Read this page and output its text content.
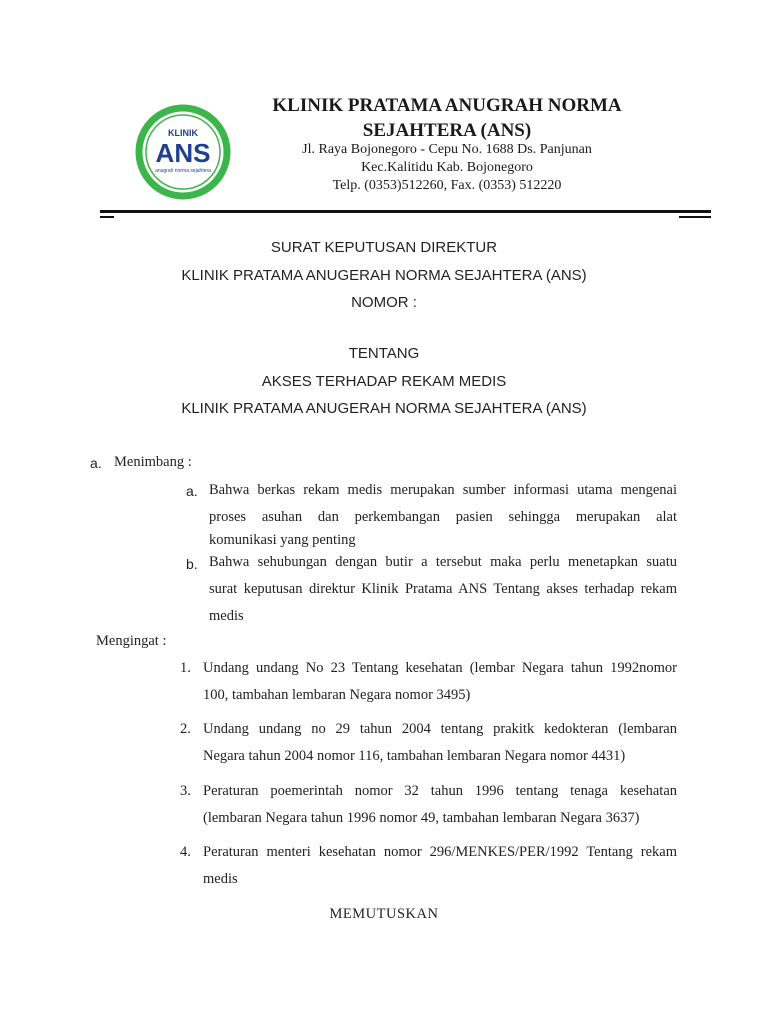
KLINIK
ANS
anugrah norma sejahtera
KLINIK PRATAMA ANUGRAH NORMA
SEJAHTERA (ANS)
Jl. Raya Bojonegoro - Cepu No. 1688 Ds. Panjunan
Kec.Kalitidu Kab. Bojonegoro
Telp. (0353)512260, Fax. (0353) 512220
SURAT KEPUTUSAN DIREKTUR
KLINIK PRATAMA ANUGERAH NORMA SEJAHTERA (ANS)
NOMOR :
TENTANG
AKSES TERHADAP REKAM MEDIS
KLINIK PRATAMA ANUGERAH NORMA SEJAHTERA (ANS)
a. Menimbang :
a. Bahwa berkas rekam medis merupakan sumber informasi utama mengenai
proses asuhan dan perkembangan pasien sehingga merupakan alat
komunikasi yang penting
b. Bahwa sehubungan dengan butir a tersebut maka perlu menetapkan suatu
surat keputusan direktur Klinik Pratama ANS Tentang akses terhadap rekam
medis
Mengingat :
1. Undang undang No 23 Tentang kesehatan (lembar Negara tahun 1992nomor
100, tambahan lembaran Negara nomor 3495)
2. Undang undang no 29 tahun 2004 tentang prakitk kedokteran (lembaran
Negara tahun 2004 nomor 116, tambahan lembaran Negara nomor 4431)
3. Peraturan poemerintah nomor 32 tahun 1996 tentang tenaga kesehatan
(lembaran Negara tahun 1996 nomor 49, tambahan lembaran Negara 3637)
4. Peraturan menteri kesehatan nomor 296/MENKES/PER/1992 Tentang rekam
medis
MEMUTUSKAN
